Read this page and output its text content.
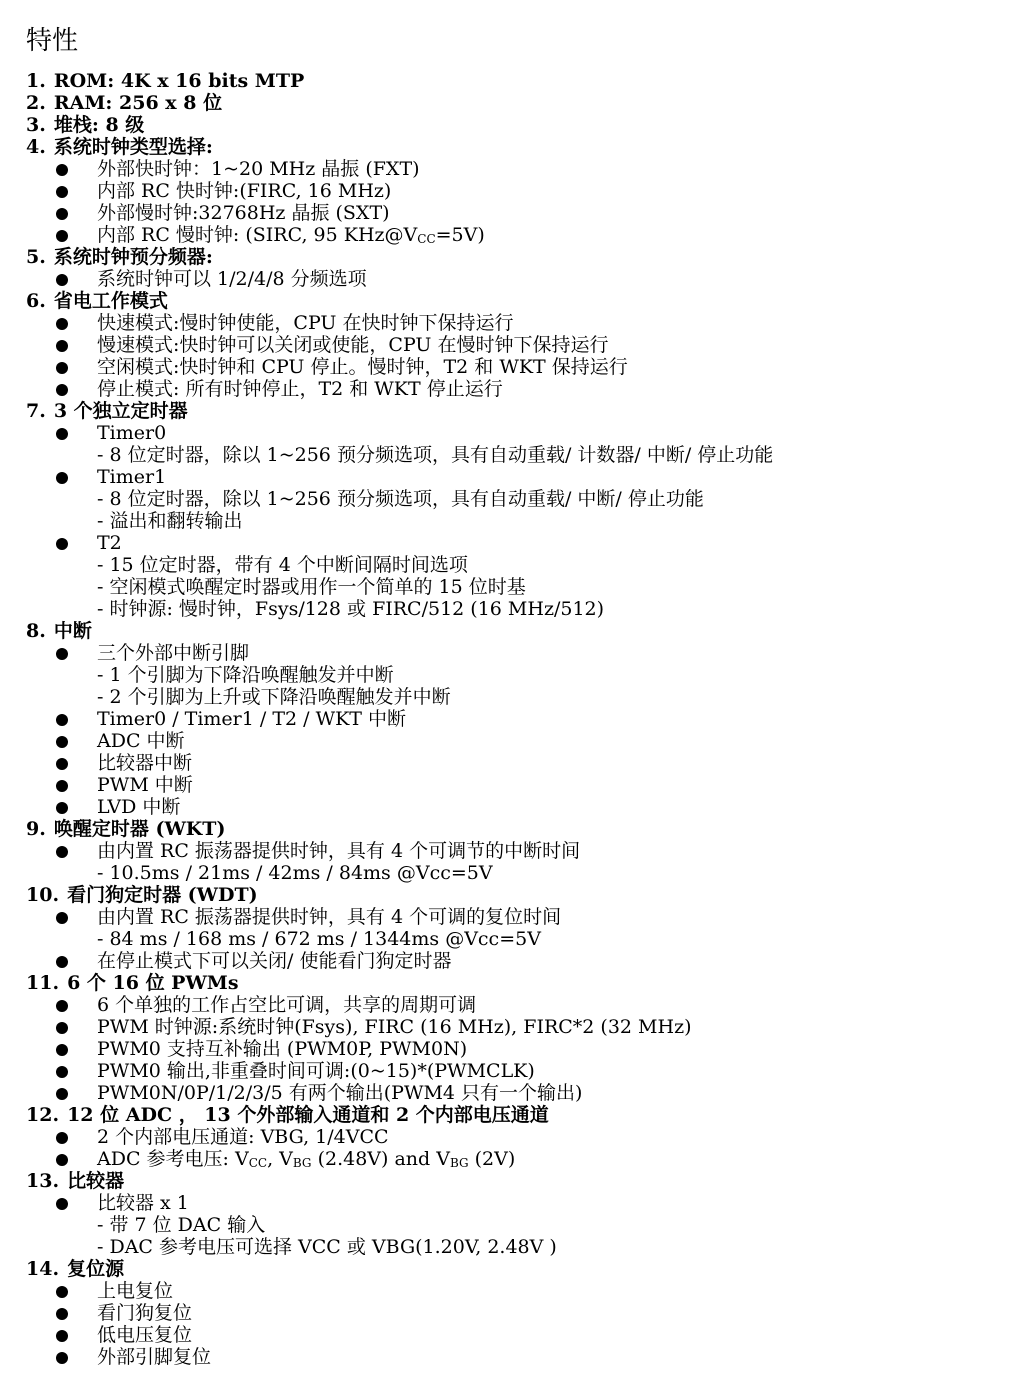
特性
1. ROM: 4K x 16 bits MTP
2. RAM: 256 x 8 位
3. 堆栈: 8 级
4. 系统时钟类型选择:
外部快时钟：1~20 MHz 晶振 (FXT)
内部 RC 快时钟:(FIRC, 16 MHz)
外部慢时钟:32768Hz 晶振 (SXT)
内部 RC 慢时钟: (SIRC, 95 $KHz@V_{CC}=5V$)
5. 系统时钟预分频器:
系统时钟可以 1/2/4/8 分频选项
6. 省电工作模式
快速模式:慢时钟使能，CPU 在快时钟下保持运行
慢速模式:快时钟可以关闭或使能，CPU 在慢时钟下保持运行
空闲模式:快时钟和 CPU 停止。慢时钟，T2 和 WKT 保持运行
停止模式: 所有时钟停止，T2 和 WKT 停止运行
7. 3 个独立定时器
Timer0
- 8 位定时器，除以 1~256 预分频选项，具有自动重载/ 计数器/ 中断/ 停止功能
Timer1
- 8 位定时器，除以 1~256 预分频选项，具有自动重载/ 中断/ 停止功能
- 溢出和翻转输出
T2
- 15 位定时器，带有 4 个中断间隔时间选项
- 空闲模式唤醒定时器或用作一个简单的 15 位时基
- 时钟源: 慢时钟，Fsys/128 或 FIRC/512 (16 MHz/512)
8. 中断
三个外部中断引脚
- 1 个引脚为下降沿唤醒触发并中断
- 2 个引脚为上升或下降沿唤醒触发并中断
Timer0 / Timer1 / T2 / WKT 中断
ADC 中断
比较器中断
PWM 中断
LVD 中断
9. 唤醒定时器 (WKT)
由内置 RC 振荡器提供时钟，具有 4 个可调节的中断时间
- 10.5ms / 21ms / 42ms / 84ms @Vcc=5V
10. 看门狗定时器 (WDT)
由内置 RC 振荡器提供时钟，具有 4 个可调的复位时间
- 84 ms / 168 ms / 672 ms / 1344ms @Vcc=5V
在停止模式下可以关闭/ 使能看门狗定时器
11. 6 个 16 位 PWMs
6 个单独的工作占空比可调，共享的周期可调
PWM 时钟源:系统时钟(Fsys), FIRC (16 MHz), FIRC*2 (32 MHz)
PWM0 支持互补输出 (PWM0P, PWM0N)
PWM0 输出,非重叠时间可调:(0~15)*(PWMCLK)
PWM0N/0P/1/2/3/5 有两个输出(PWM4 只有一个输出)
12. 12 位 ADC ， 13 个外部输入通道和 2 个内部电压通道
2 个内部电压通道: VBG, 1/4VCC
ADC 参考电压: $V_{CC}$, $V_{BG}$ (2.48V) and $V_{BG}$ (2V)
13. 比较器
比较器 x 1
- 带 7 位 DAC 输入
- DAC 参考电压可选择 VCC 或 VBG(1.20V, 2.48V )
14. 复位源
上电复位
看门狗复位
低电压复位
外部引脚复位
